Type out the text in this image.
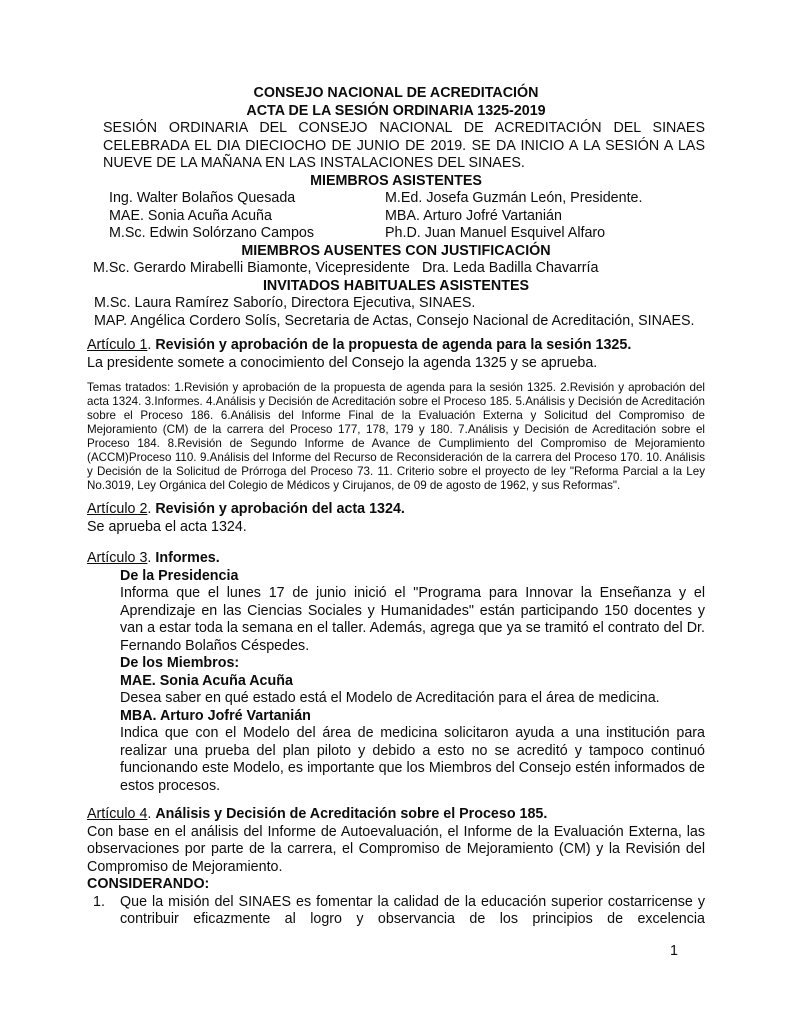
CONSEJO NACIONAL DE ACREDITACIÓN
ACTA DE LA SESIÓN ORDINARIA 1325-2019
SESIÓN ORDINARIA DEL CONSEJO NACIONAL DE ACREDITACIÓN DEL SINAES CELEBRADA EL DIA DIECIOCHO DE JUNIO DE 2019. SE DA INICIO A LA SESIÓN A LAS NUEVE DE LA MAÑANA EN LAS INSTALACIONES DEL SINAES.
MIEMBROS ASISTENTES
Ing. Walter Bolaños Quesada	M.Ed. Josefa Guzmán León, Presidente.
MAE. Sonia Acuña Acuña	MBA. Arturo Jofré Vartanián
M.Sc. Edwin Solórzano Campos	Ph.D. Juan Manuel Esquivel Alfaro
MIEMBROS AUSENTES CON JUSTIFICACIÓN
M.Sc. Gerardo Mirabelli Biamonte, Vicepresidente Dra. Leda Badilla Chavarría
INVITADOS HABITUALES ASISTENTES
M.Sc. Laura Ramírez Saborío, Directora Ejecutiva, SINAES.
MAP. Angélica Cordero Solís, Secretaria de Actas, Consejo Nacional de Acreditación, SINAES.
Artículo 1. Revisión y aprobación de la propuesta de agenda para la sesión 1325.
La presidente somete a conocimiento del Consejo la agenda 1325 y se aprueba.
Temas tratados: 1.Revisión y aprobación de la propuesta de agenda para la sesión 1325. 2.Revisión y aprobación del acta 1324. 3.Informes. 4.Análisis y Decisión de Acreditación sobre el Proceso 185. 5.Análisis y Decisión de Acreditación sobre el Proceso 186. 6.Análisis del Informe Final de la Evaluación Externa y Solicitud del Compromiso de Mejoramiento (CM) de la carrera del Proceso 177, 178, 179 y 180. 7.Análisis y Decisión de Acreditación sobre el Proceso 184. 8.Revisión de Segundo Informe de Avance de Cumplimiento del Compromiso de Mejoramiento (ACCM)Proceso 110. 9.Análisis del Informe del Recurso de Reconsideración de la carrera del Proceso 170. 10. Análisis y Decisión de la Solicitud de Prórroga del Proceso 73. 11. Criterio sobre el proyecto de ley "Reforma Parcial a la Ley No.3019, Ley Orgánica del Colegio de Médicos y Cirujanos, de 09 de agosto de 1962, y sus Reformas".
Artículo 2. Revisión y aprobación del acta 1324.
Se aprueba el acta 1324.
Artículo 3. Informes.
De la Presidencia
Informa que el lunes 17 de junio inició el "Programa para Innovar la Enseñanza y el Aprendizaje en las Ciencias Sociales y Humanidades" están participando 150 docentes y van a estar toda la semana en el taller. Además, agrega que ya se tramitó el contrato del Dr. Fernando Bolaños Céspedes.
De los Miembros:
MAE. Sonia Acuña Acuña
Desea saber en qué estado está el Modelo de Acreditación para el área de medicina.
MBA. Arturo Jofré Vartanián
Indica que con el Modelo del área de medicina solicitaron ayuda a una institución para realizar una prueba del plan piloto y debido a esto no se acreditó y tampoco continuó funcionando este Modelo, es importante que los Miembros del Consejo estén informados de estos procesos.
Artículo 4. Análisis y Decisión de Acreditación sobre el Proceso 185.
Con base en el análisis del Informe de Autoevaluación, el Informe de la Evaluación Externa, las observaciones por parte de la carrera, el Compromiso de Mejoramiento (CM) y la Revisión del Compromiso de Mejoramiento.
CONSIDERANDO:
1. Que la misión del SINAES es fomentar la calidad de la educación superior costarricense y contribuir eficazmente al logro y observancia de los principios de excelencia
1
